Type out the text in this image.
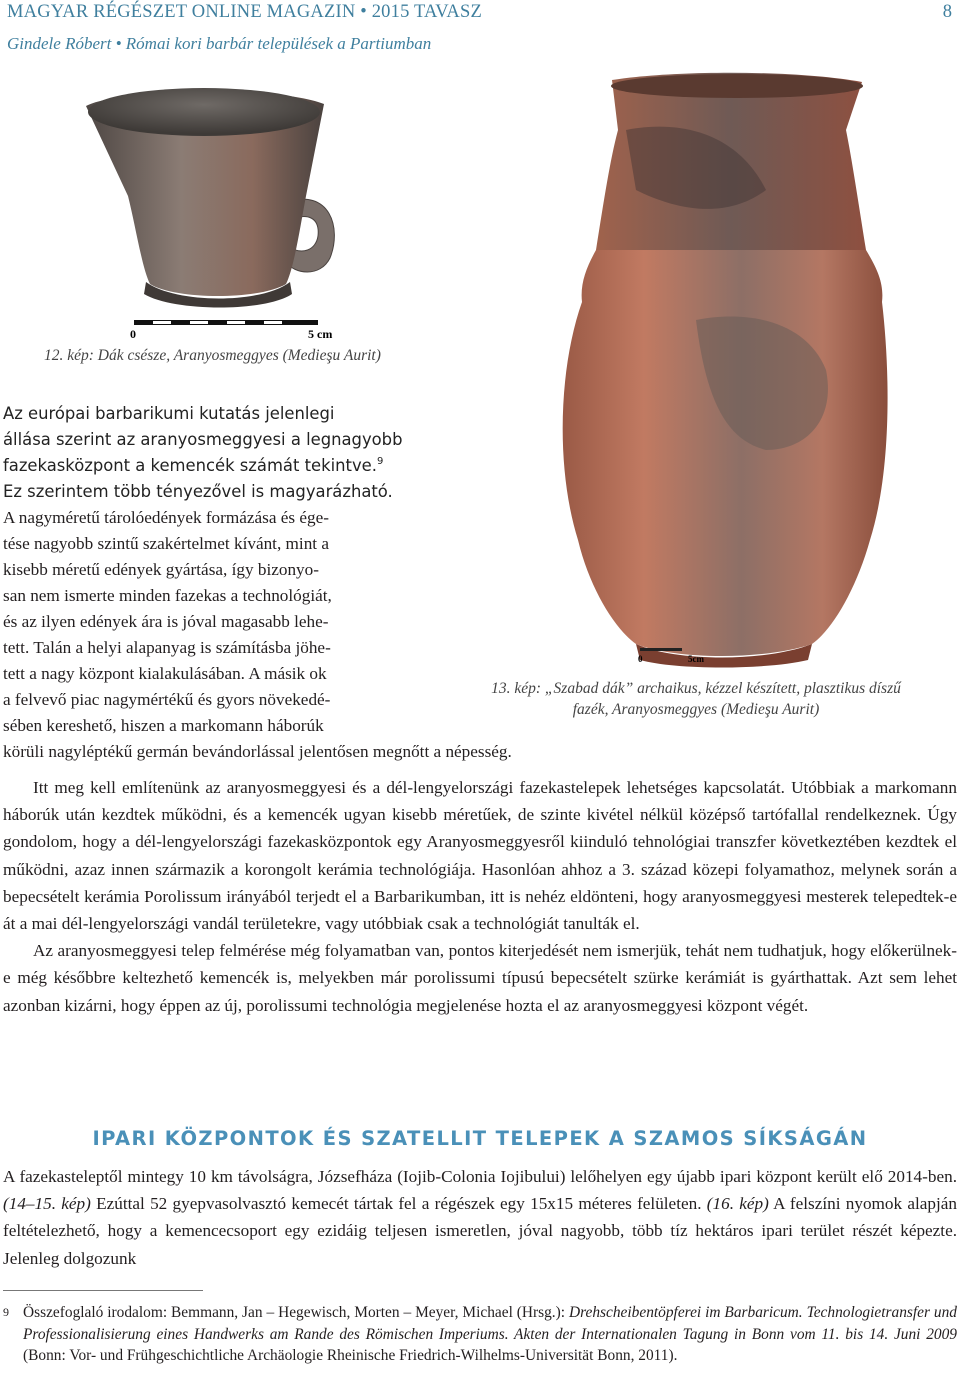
MAGYAR RÉGÉSZET ONLINE MAGAZIN • 2015 TAVASZ	8
Gindele Róbert • Római kori barbár települések a Partiumban
0	5 cm
12. kép: Dák csésze, Aranyosmeggyes (Medieşu Aurit)
0	5cm
13. kép: „Szabad dák” archaikus, kézzel készített, plasztikus díszű
fazék, Aranyosmeggyes (Medieşu Aurit)
Az európai barbarikumi kutatás jelenlegi
állása szerint az aranyosmeggyesi a legnagyobb
fazekasközpont a kemencék számát tekintve.$^9$
Ez szerintem több tényezővel is magyarázható.
A nagyméretű tárolóedények formázása és ége-
tése nagyobb szintű szakértelmet kívánt, mint a
kisebb méretű edények gyártása, így bizonyo-
san nem ismerte minden fazekas a technológiát,
és az ilyen edények ára is jóval magasabb lehe-
tett. Talán a helyi alapanyag is számításba jöhe-
tett a nagy központ kialakulásában. A másik ok
a felvevő piac nagymértékű és gyors növekedé-
sében kereshető, hiszen a markomann háborúk
körüli nagyléptékű germán bevándorlással jelentősen megnőtt a népesség.

Itt meg kell említenünk az aranyosmeggyesi és a dél-lengyelországi fazekastelepek lehetséges kapcsolatát. Utóbbiak a markomann háborúk után kezdtek működni, és a kemencék ugyan kisebb méretűek, de szinte kivétel nélkül középső tartófallal rendelkeznek. Úgy gondolom, hogy a dél-lengyelországi fazekasközpontok egy Aranyosmeggyesről kiinduló tehnológiai transzfer következtében kezdtek el működni, azaz innen származik a korongolt kerámia technológiája. Hasonlóan ahhoz a 3. század közepi folyamathoz, melynek során a bepecsételt kerámia Porolissum irányából terjedt el a Barbarikumban, itt is nehéz eldönteni, hogy aranyosmeggyesi mesterek telepedtek-e át a mai dél-lengyelországi vandál területekre, vagy utóbbiak csak a technológiát tanulták el.

Az aranyosmeggyesi telep felmérése még folyamatban van, pontos kiterjedését nem ismerjük, tehát nem tudhatjuk, hogy előkerülnek-e még későbbre keltezhető kemencék is, melyekben már porolissumi típusú bepecsételt szürke kerámiát is gyárthattak. Azt sem lehet azonban kizárni, hogy éppen az új, porolissumi technológia megjelenése hozta el az aranyosmeggyesi központ végét.

IPARI KÖZPONTOK ÉS SZATELLIT TELEPEK A SZAMOS SÍKSÁGÁN

A fazekasteleptől mintegy 10 km távolságra, Józsefháza (Iojib-Colonia Iojibului) lelőhelyen egy újabb ipari központ került elő 2014-ben. (14–15. kép) Ezúttal 52 gyepvasolvasztó kemecét tártak fel a régészek egy 15x15 méteres felületen. (16. kép) A felszíni nyomok alapján feltételezhető, hogy a kemencecsoport egy ezidáig teljesen ismeretlen, jóval nagyobb, több tíz hektáros ipari terület részét képezte. Jelenleg dolgozunk

9 Összefoglaló irodalom: Bemmann, Jan – Hegewisch, Morten – Meyer, Michael (Hrsg.): Drehscheibentöpferei im Barbaricum. Technologietransfer und Professionalisierung eines Handwerks am Rande des Römischen Imperiums. Akten der Internationalen Tagung in Bonn vom 11. bis 14. Juni 2009 (Bonn: Vor- und Frühgeschichtliche Archäologie Rheinische Friedrich-Wilhelms-Universität Bonn, 2011).
